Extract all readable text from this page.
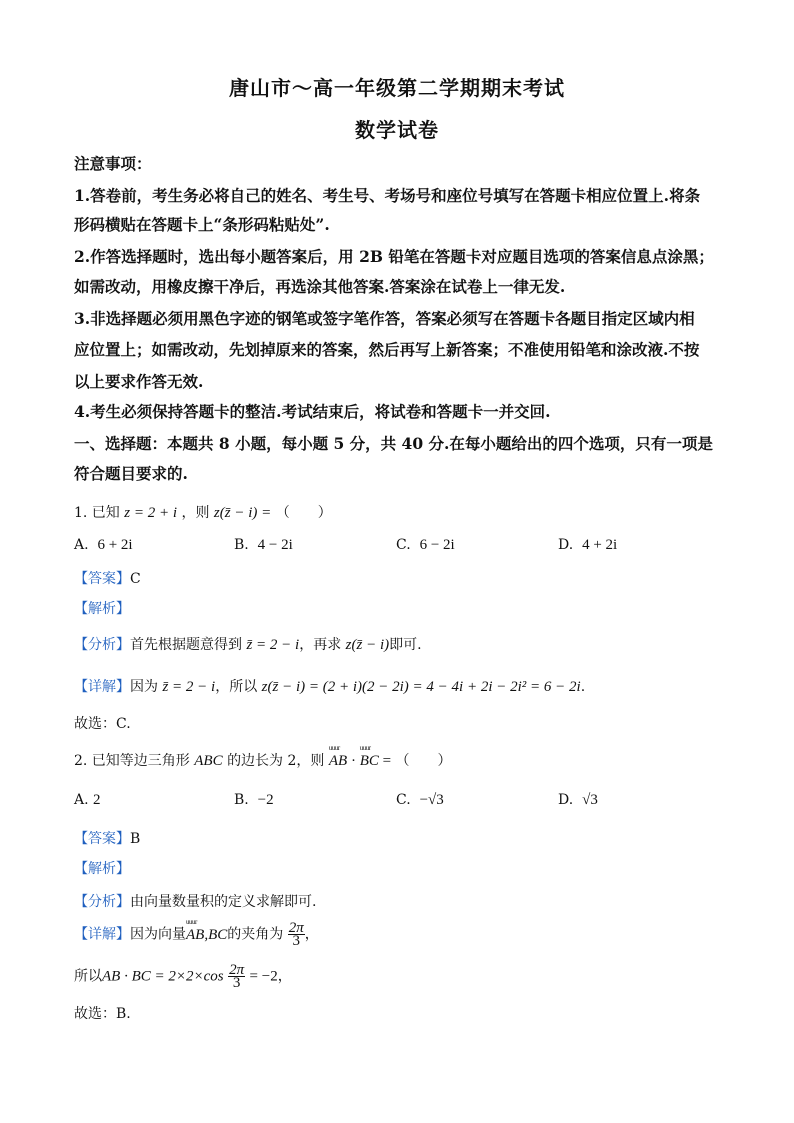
唐山市～高一年级第二学期期末考试
数学试卷
注意事项：
1.答卷前，考生务必将自己的姓名、考生号、考场号和座位号填写在答题卡相应位置上.将条
形码横贴在答题卡上“条形码粘贴处”.
2.作答选择题时，选出每小题答案后，用 2B 铅笔在答题卡对应题目选项的答案信息点涂黑；
如需改动，用橡皮擦干净后，再选涂其他答案.答案涂在试卷上一律无发.
3.非选择题必须用黑色字迹的钢笔或签字笔作答，答案必须写在答题卡各题目指定区域内相
应位置上；如需改动，先划掉原来的答案，然后再写上新答案；不准使用铅笔和涂改液.不按
以上要求作答无效.
4.考生必须保持答题卡的整洁.考试结束后，将试卷和答题卡一并交回.
一、选择题：本题共 8 小题，每小题 5 分，共 40 分.在每小题给出的四个选项，只有一项是
符合题目要求的.
1. 已知 z = 2 + i ，则 z(z̄ − i) = （　　）
A. 6 + 2i	B. 4 − 2i	C. 6 − 2i	D. 4 + 2i
【答案】C
【解析】
【分析】首先根据题意得到 z̄ = 2 − i，再求 z(z̄ − i)即可.
【详解】因为 z̄ = 2 − i，所以 z(z̄ − i) = (2 + i)(2 − 2i) = 4 − 4i + 2i − 2i² = 6 − 2i.
故选：C.
2. 已知等边三角形 ABC 的边长为 2，则 uuur AB · uuur BC = （　　）
A. 2	B. −2	C. −√3	D. √3
【答案】B
【解析】
【分析】由向量数量积的定义求解即可.
【详解】因为向量uuur AB,BC的夹角为 $\frac{2\pi}{3}$ ，
所以AB · BC = $2\times 2\times\cos \frac{2\pi}{3} = -2$，
故选：B.
